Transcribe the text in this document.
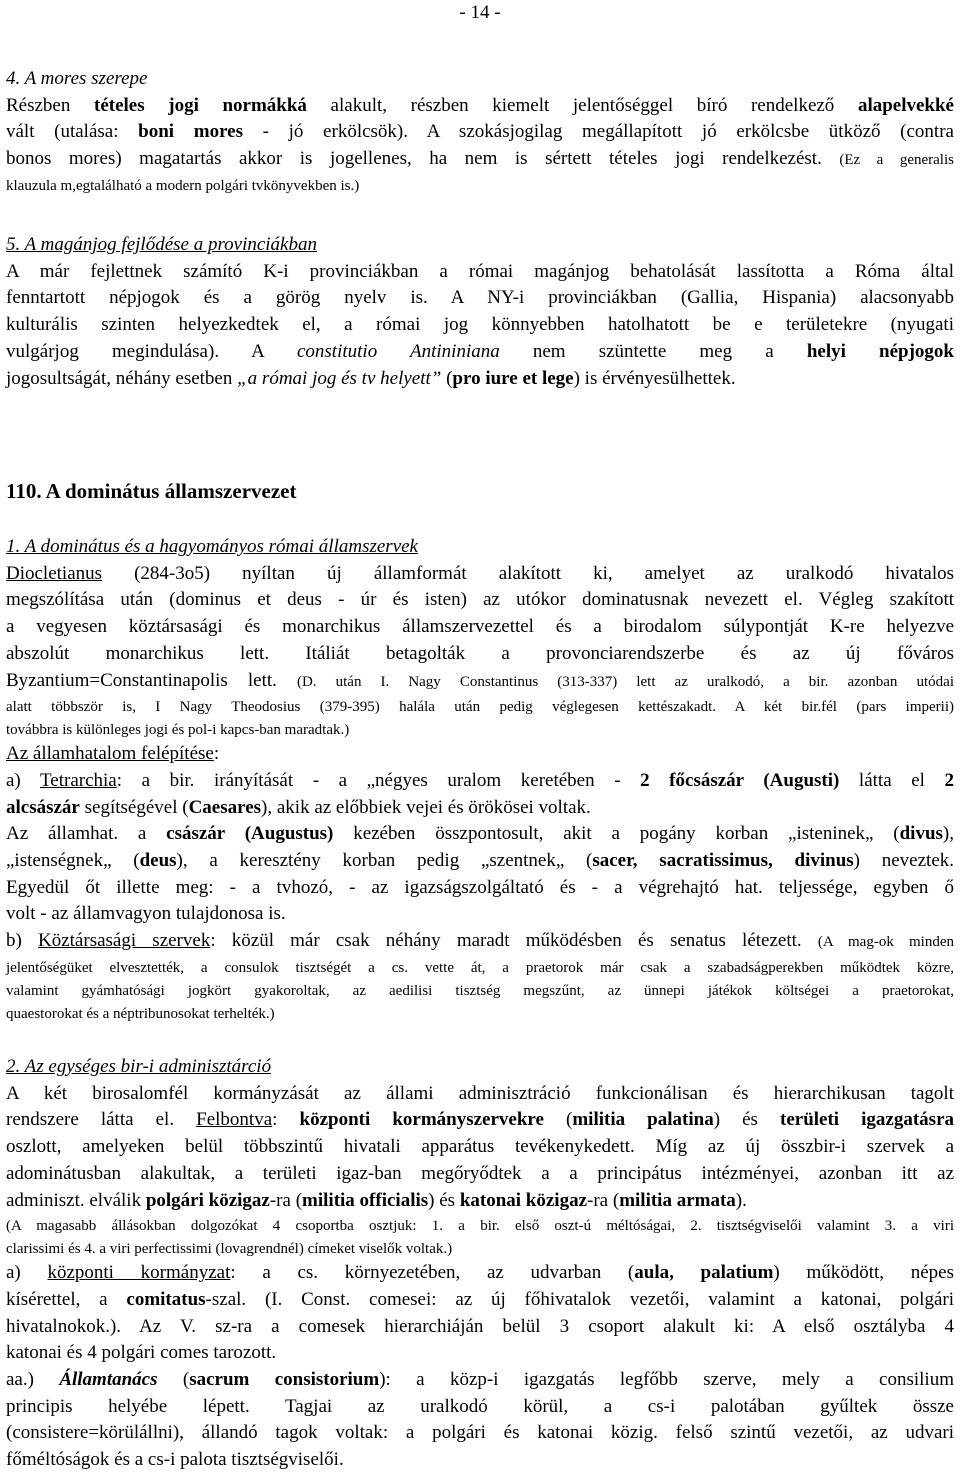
- 14 -
4. A mores szerepe
Részben tételes jogi normákká alakult, részben kiemelt jelentőséggel bíró rendelkező alapelvekké
vált (utalása: boni mores - jó erkölcsök). A szokásjogilag megállapított jó erkölcsbe ütköző (contra
bonos mores) magatartás akkor is jogellenes, ha nem is sértett tételes jogi rendelkezést. (Ez a generalis
klauzula m,egtalálható a modern polgári tvkönyvekben is.)
5. A magánjog fejlődése a provinciákban
A már fejlettnek számító K-i provinciákban a római magánjog behatolását lassította a Róma által
fenntartott népjogok és a görög nyelv is. A NY-i provinciákban (Gallia, Hispania) alacsonyabb
kulturális szinten helyezkedtek el, a római jog könnyebben hatolhatott be e területekre (nyugati
vulgárjog megindulása). A constitutio Antininiana nem szüntette meg a helyi népjogok
jogosultságát, néhány esetben „a római jog és tv helyett” (pro iure et lege) is érvényesülhettek.
110. A dominátus államszervezet
1. A dominátus és a hagyományos római államszervek
Diocletianus (284-3o5) nyíltan új államformát alakított ki, amelyet az uralkodó hivatalos
megszólítása után (dominus et deus - úr és isten) az utókor dominatusnak nevezett el. Végleg szakított
a vegyesen köztársasági és monarchikus államszervezettel és a birodalom súlypontját K-re helyezve
abszolút monarchikus lett. Itáliát betagolták a provonciarendszerbe és az új főváros
Byzantium=Constantinapolis lett. (D. után I. Nagy Constantinus (313-337) lett az uralkodó, a bir. azonban utódai
alatt többször is, I Nagy Theodosius (379-395) halála után pedig véglegesen kettészakadt. A két bir.fél (pars imperii)
továbbra is különleges jogi és pol-i kapcs-ban maradtak.)
Az államhatalom felépítése:
a) Tetrarchia: a bir. irányítását - a „négyes uralom keretében - 2 főcsászár (Augusti) látta el 2
alcsászár segítségével (Caesares), akik az előbbiek vejei és örökösei voltak.
Az államhat. a császár (Augustus) kezében összpontosult, akit a pogány korban „isteninek„ (divus),
„istenségnek„ (deus), a keresztény korban pedig „szentnek„ (sacer, sacratissimus, divinus) neveztek.
Egyedül őt illette meg: - a tvhozó, - az igazságszolgáltató és - a végrehajtó hat. teljessége, egyben ő
volt - az államvagyon tulajdonosa is.
b) Köztársasági szervek: közül már csak néhány maradt működésben és senatus létezett. (A mag-ok minden
jelentőségüket elvesztették, a consulok tisztségét a cs. vette át, a praetorok már csak a szabadságperekben működtek közre,
valamint gyámhatósági jogkört gyakoroltak, az aedilisi tisztség megszűnt, az ünnepi játékok költségei a praetorokat,
quaestorokat és a néptribunosokat terhelték.)
2. Az egységes bir-i adminisztárció
A két birosalomfél kormányzását az állami adminisztráció funkcionálisan és hierarchikusan tagolt
rendszere látta el. Felbontva: központi kormányszervekre (militia palatina) és területi igazgatásra
oszlott, amelyeken belül többszintű hivatali apparátus tevékenykedett. Míg az új összbir-i szervek a
adominátusban alakultak, a területi igaz-ban megőryődtek a a principátus intézményei, azonban itt az
adminiszt. elválik polgári közigaz-ra (militia officialis) és katonai közigaz-ra (militia armata).
(A magasabb állásokban dolgozókat 4 csoportba osztjuk: 1. a bir. első oszt-ú méltóságai, 2. tisztségviselői valamint 3. a viri
clarissimi és 4. a viri perfectissimi (lovagrendnél) címeket viselők voltak.)
a) központi kormányzat: a cs. környezetében, az udvarban (aula, palatium) működött, népes
kísérettel, a comitatus-szal. (I. Const. comesei: az új főhivatalok vezetői, valamint a katonai, polgári
hivatalnokok.). Az V. sz-ra a comesek hierarchiáján belül 3 csoport alakult ki: A első osztályba 4
katonai és 4 polgári comes tarozott.
aa.) Államtanács (sacrum consistorium): a közp-i igazgatás legfőbb szerve, mely a consilium
principis helyébe lépett. Tagjai az uralkodó körül, a cs-i palotában gyűltek össze
(consistere=körülállni), állandó tagok voltak: a polgári és katonai közig. felső szintű vezetői, az udvari
főméltóságok és a cs-i palota tisztségviselői.
